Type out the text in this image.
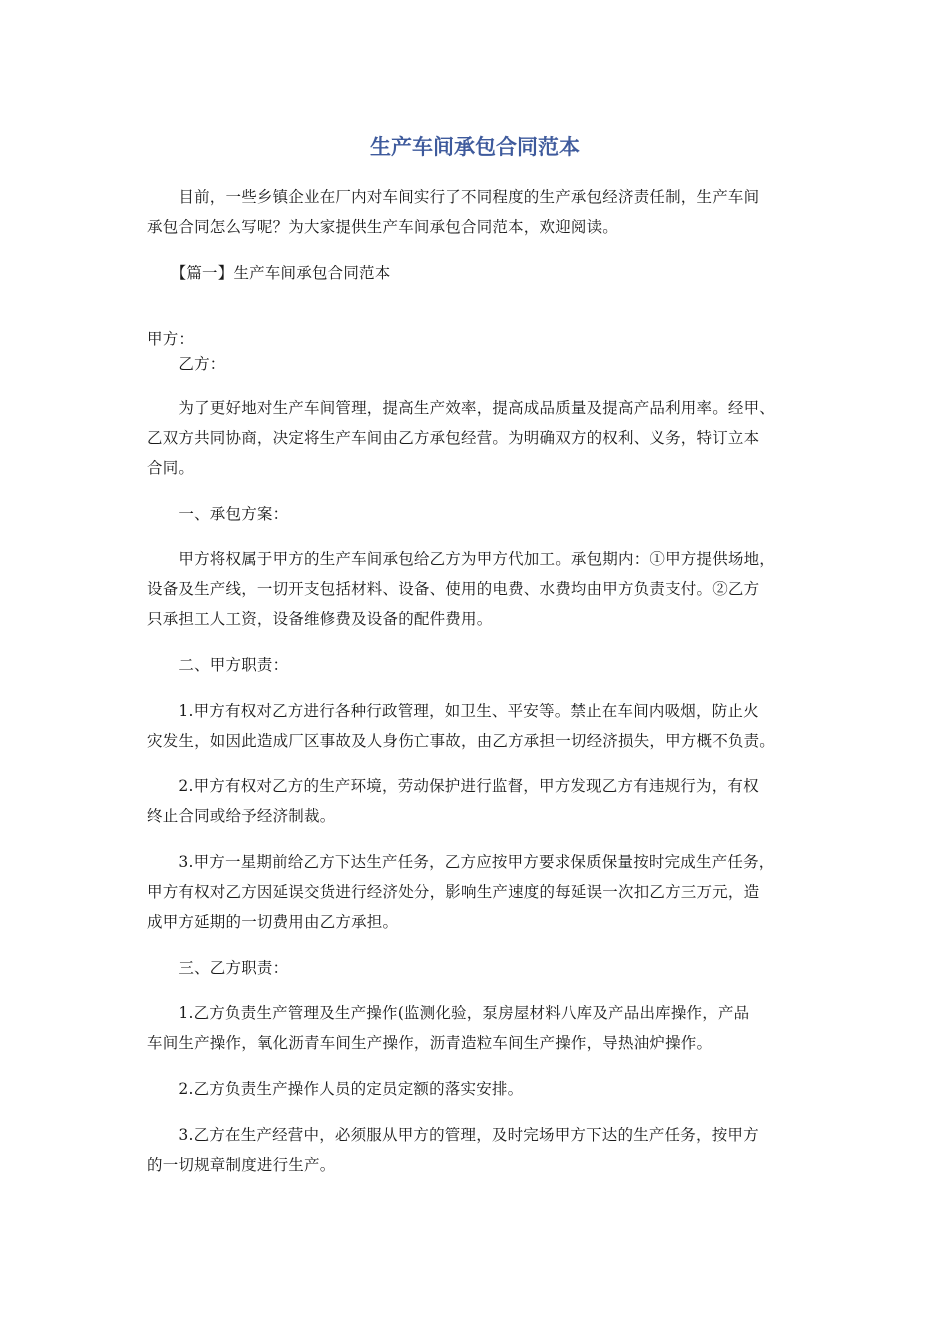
生产车间承包合同范本
　　目前，一些乡镇企业在厂内对车间实行了不同程度的生产承包经济责任制，生产车间
承包合同怎么写呢？为大家提供生产车间承包合同范本，欢迎阅读。
　　【篇一】生产车间承包合同范本
甲方：
　　乙方：
　　为了更好地对生产车间管理，提高生产效率，提高成品质量及提高产品利用率。经甲、
乙双方共同协商，决定将生产车间由乙方承包经营。为明确双方的权利、义务，特订立本
合同。
　　一、承包方案：
　　甲方将权属于甲方的生产车间承包给乙方为甲方代加工。承包期内：①甲方提供场地，
设备及生产线，一切开支包括材料、设备、使用的电费、水费均由甲方负责支付。②乙方
只承担工人工资，设备维修费及设备的配件费用。
　　二、甲方职责：
　　1.甲方有权对乙方进行各种行政管理，如卫生、平安等。禁止在车间内吸烟，防止火
灾发生，如因此造成厂区事故及人身伤亡事故，由乙方承担一切经济损失，甲方概不负责。
　　2.甲方有权对乙方的生产环境，劳动保护进行监督，甲方发现乙方有违规行为，有权
终止合同或给予经济制裁。
　　3.甲方一星期前给乙方下达生产任务，乙方应按甲方要求保质保量按时完成生产任务，
甲方有权对乙方因延误交货进行经济处分，影响生产速度的每延误一次扣乙方三万元，造
成甲方延期的一切费用由乙方承担。
　　三、乙方职责：
　　1.乙方负责生产管理及生产操作(监测化验，泵房屋材料八库及产品出库操作，产品
车间生产操作，氧化沥青车间生产操作，沥青造粒车间生产操作，导热油炉操作。
　　2.乙方负责生产操作人员的定员定额的落实安排。
　　3.乙方在生产经营中，必须服从甲方的管理，及时完场甲方下达的生产任务，按甲方
的一切规章制度进行生产。
